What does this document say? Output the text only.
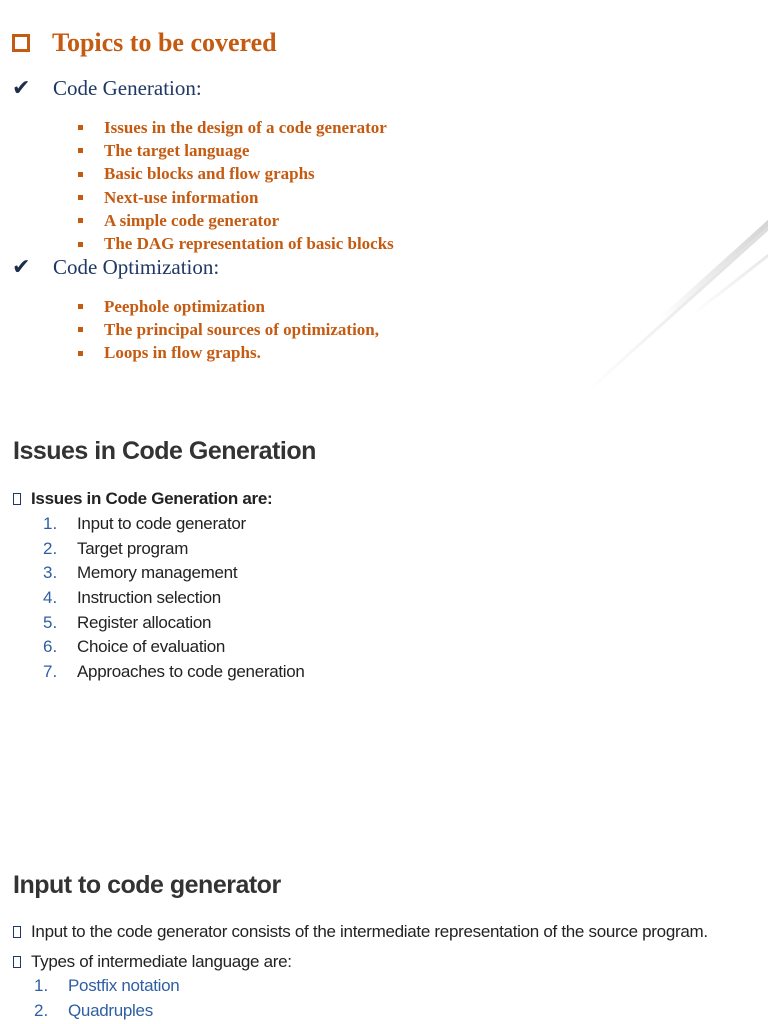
Topics to be covered
✔	Code Generation:
Issues in the design of a code generator
The target language
Basic blocks and flow graphs
Next-use information
A simple code generator
The DAG representation of basic blocks
✔	Code Optimization:
Peephole optimization
The principal sources of optimization,
Loops in flow graphs.
Issues in Code Generation
Issues in Code Generation are:
1.	Input to code generator
2.	Target program
3.	Memory management
4.	Instruction selection
5.	Register allocation
6.	Choice of evaluation
7.	Approaches to code generation
Input to code generator
Input to the code generator consists of the intermediate representation of the source program.
Types of intermediate language are:
1.	Postfix notation
2.	Quadruples
